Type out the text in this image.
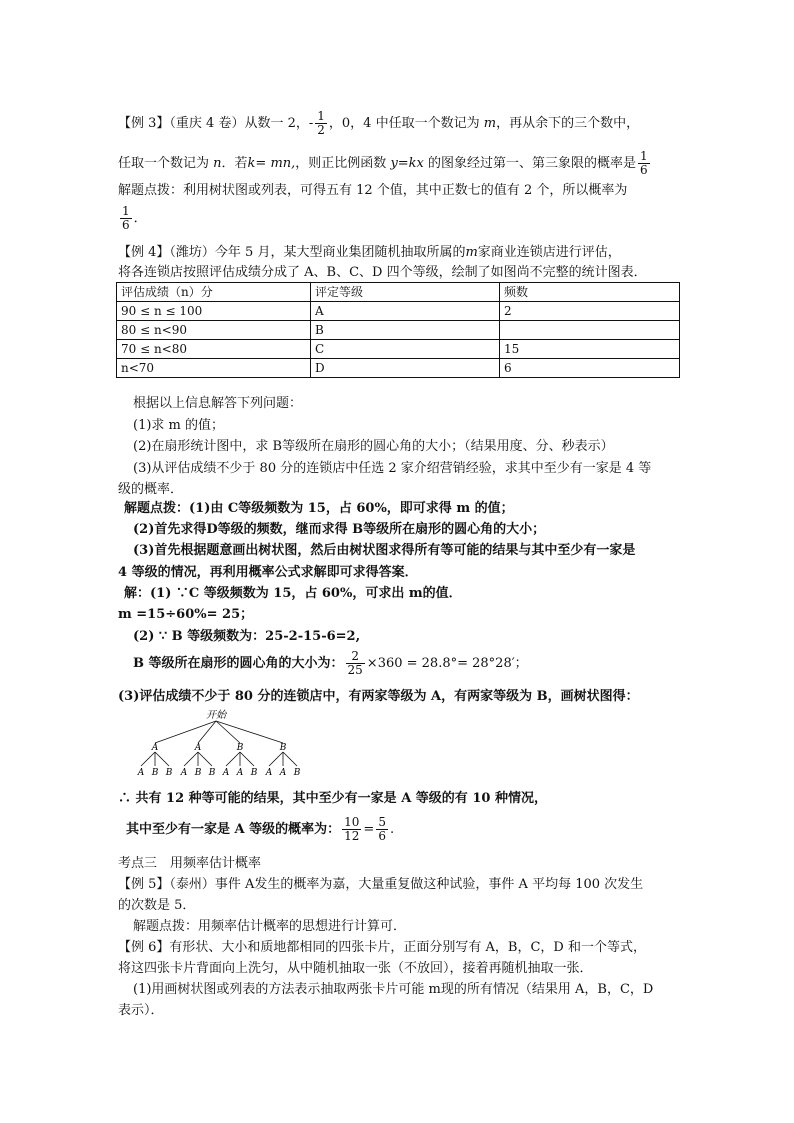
【例 3】（重庆 4 卷）从数一 2，- $\frac{1}{2}$ ，0，4 中任取一个数记为 m，再从余下的三个数中，
任取一个数记为 n．若k= mn,，则正比例函数 y=kx 的图象经过第一、第三象限的概率是 $\frac{1}{6}$
解题点拨：利用树状图或列表，可得五有 12 个值，其中正数七的值有 2 个，所以概率为
$\frac{1}{6}$ ．
【例 4】（潍坊）今年 5 月，某大型商业集团随机抽取所属的m家商业连锁店进行评估，
将各连锁店按照评估成绩分成了 A、B、C、D 四个等级，绘制了如图尚不完整的统计图表．
评估成绩（n）分	评定等级	频数
90 ≤ n ≤ 100	A	2
80 ≤ n<90	B	
70 ≤ n<80	C	15
n<70	D	6
根据以上信息解答下列问题：
(1)求 m 的值；
(2)在扇形统计图中，求 B等级所在扇形的圆心角的大小；（结果用度、分、秒表示）
(3)从评估成绩不少于 80 分的连锁店中任选 2 家介绍营销经验，求其中至少有一家是 4 等
级的概率．
解题点拨：(1)由 C等级频数为 15，占 60%，即可求得 m 的值；
(2)首先求得D等级的频数，继而求得 B等级所在扇形的圆心角的大小；
(3)首先根据题意画出树状图，然后由树状图求得所有等可能的结果与其中至少有一家是
4 等级的情况，再利用概率公式求解即可求得答案．
解：(1) ∵C 等级频数为 15，占 60%，可求出 m的值．
m =15÷60%= 25；
(2) ∵ B 等级频数为：25-2-15-6=2,
B 等级所在扇形的圆心角的大小为： $\frac{2}{25} \times 360 = 28.8^\circ= 28^\circ 28'$；
(3)评估成绩不少于 80 分的连锁店中，有两家等级为 A，有两家等级为 B，画树状图得：
开始
A	A	B	B
A B B A B B A A B A A B
∴ 共有 12 种等可能的结果，其中至少有一家是 A 等级的有 10 种情况，
其中至少有一家是 A 等级的概率为： $\frac{10}{12} = \frac{5}{6}$ .
考点三　用频率估计概率
【例 5】（泰州）事件 A发生的概率为嘉，大量重复做这种试验，事件 A 平均每 100 次发生
的次数是 5．
解题点拨：用频率估计概率的思想进行计算可．
【例 6】有形状、大小和质地都相同的四张卡片，正面分别写有 A，B，C，D 和一个等式，
将这四张卡片背面向上洗匀，从中随机抽取一张（不放回），接着再随机抽取一张．
(1)用画树状图或列表的方法表示抽取两张卡片可能 m现的所有情况（结果用 A，B，C，D
表示）．
